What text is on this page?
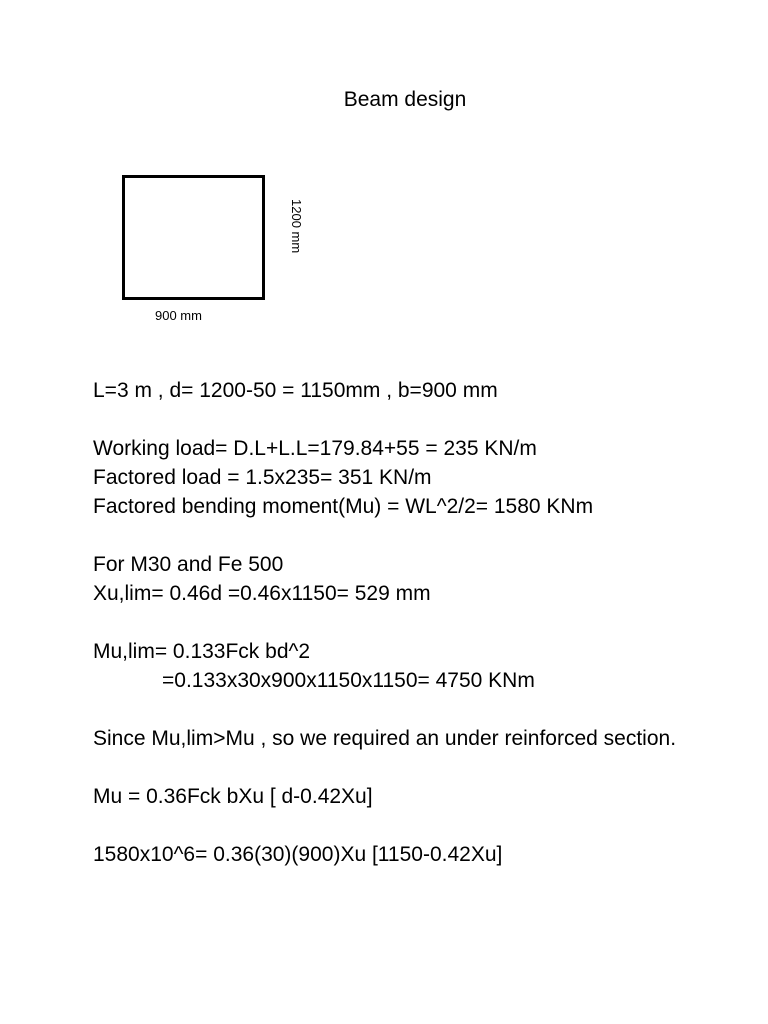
Beam design
900 mm
1200 mm
L=3 m , d= 1200-50 = 1150mm , b=900 mm
Working load= D.L+L.L=179.84+55 = 235 KN/m
Factored load = 1.5x235= 351 KN/m
Factored bending moment(Mu) = WL^2/2= 1580 KNm
For M30 and Fe 500
Xu,lim= 0.46d =0.46x1150= 529 mm
Mu,lim= 0.133Fck bd^2
=0.133x30x900x1150x1150= 4750 KNm
Since Mu,lim>Mu , so we required an under reinforced section.
Mu = 0.36Fck bXu [ d-0.42Xu]
1580x10^6= 0.36(30)(900)Xu [1150-0.42Xu]
